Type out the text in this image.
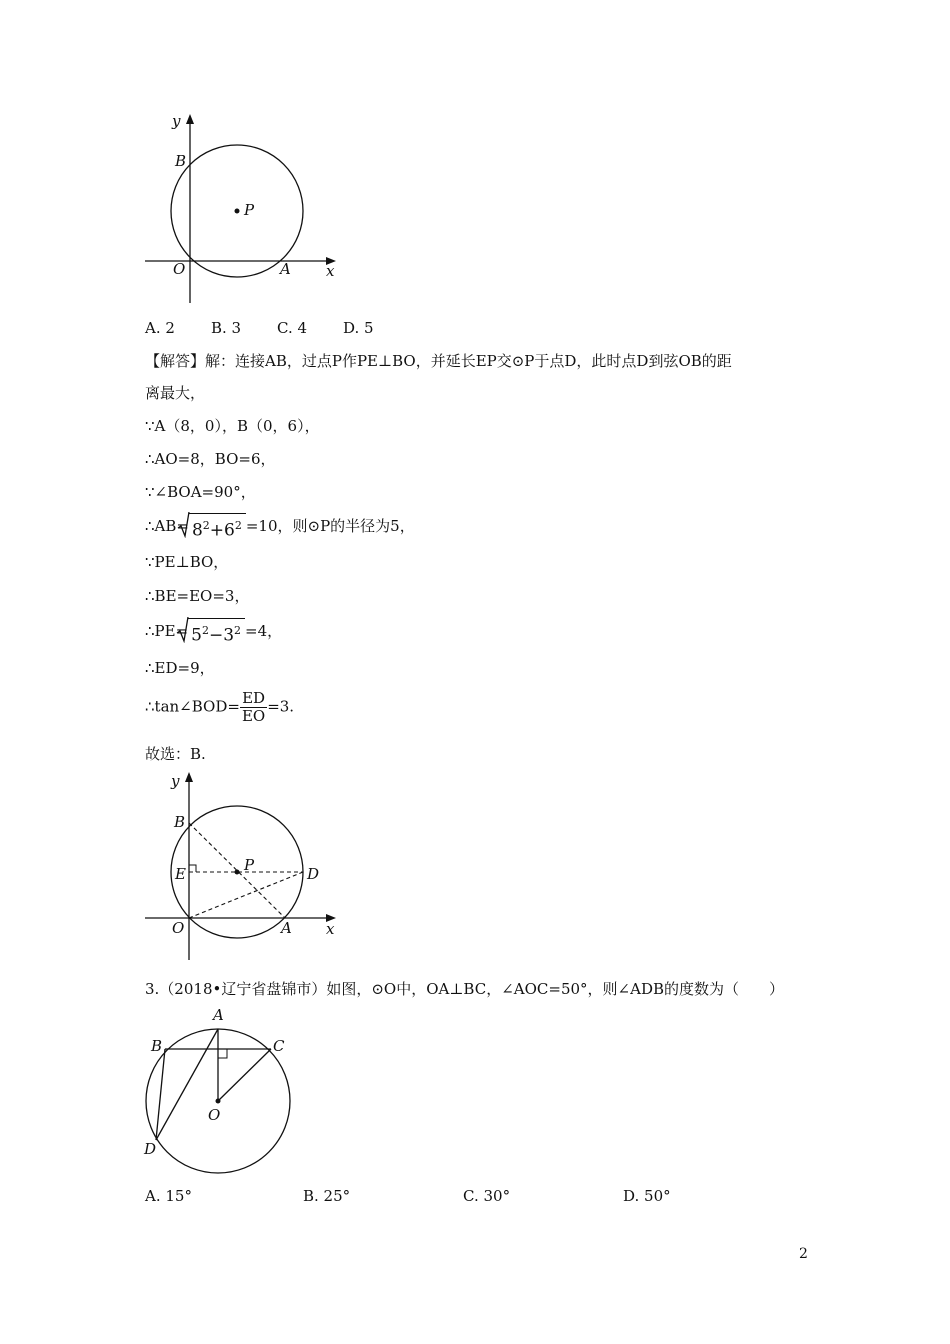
y
B
P
O	A x
A. 2 B. 3 C. 4 D. 5
【解答】解：连接AB，过点P作PE⊥BO，并延长EP交⊙P于点D，此时点D到弦OB的距
离最大，
∵A（8，0），B（0，6），
∴AO=8，BO=6，
∵∠BOA=90°，
∴AB= $8^2+6^2 =10$，则⊙P的半径为5，
∵PE⊥BO，
∴BE=EO=3，
∴PE= $5^2-3^2 =4$，
∴ED=9，
∴tan∠BOD= $\frac{ED}{EO} =3$.
故选：B.
y
B
P
E	D
O	A x
3.（2018•辽宁省盘锦市）如图，⊙O中，OA⊥BC，∠AOC=50°，则∠ADB的度数为（　　）
A
B	C
O
D
A. 15°	B. 25°	C. 30°	D. 50°
2
